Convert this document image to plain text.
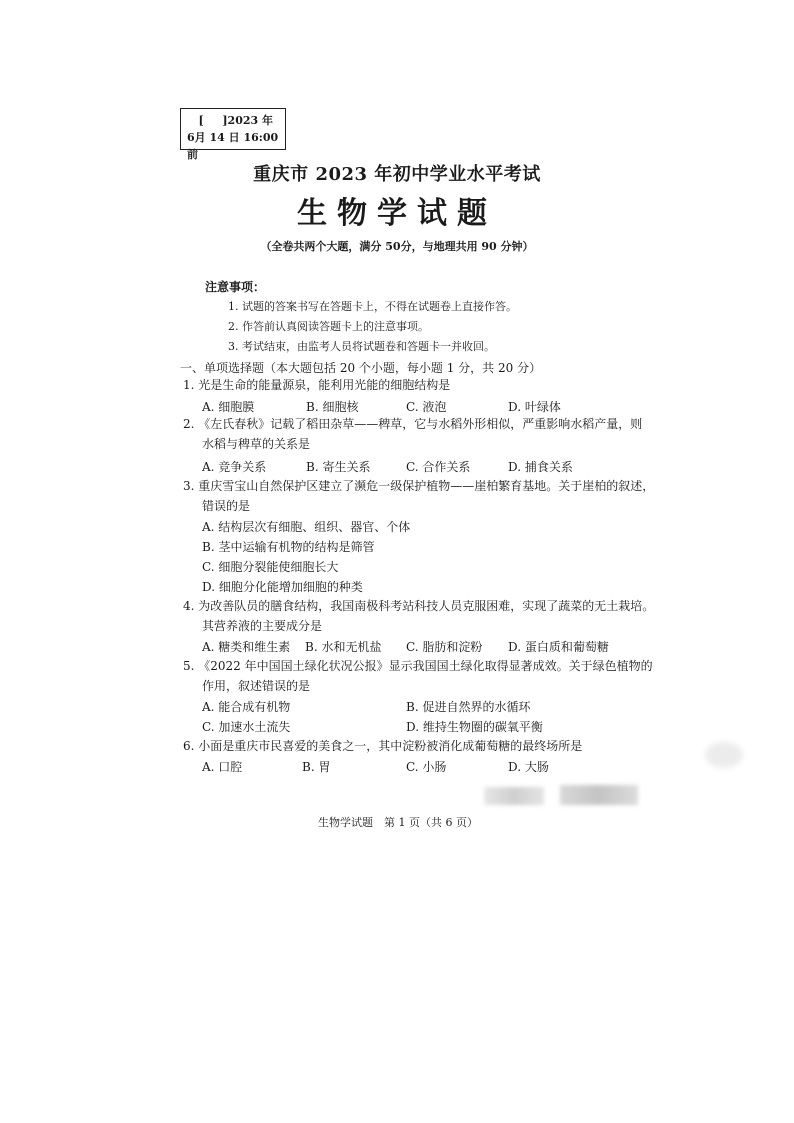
[ 　 ]2023 年
6月 14 日 16:00 前
重庆市 2023 年初中学业水平考试
生物学试题
（全卷共两个大题，满分 50分，与地理共用 90 分钟）
注意事项：
1. 试题的答案书写在答题卡上，不得在试题卷上直接作答。
2. 作答前认真阅读答题卡上的注意事项。
3. 考试结束，由监考人员将试题卷和答题卡一并收回。
一、单项选择题（本大题包括 20 个小题，每小题 1 分，共 20 分）
1. 光是生命的能量源泉，能利用光能的细胞结构是
A. 细胞膜	B. 细胞核	C. 液泡	D. 叶绿体
2. 《左氏春秋》记载了稻田杂草——稗草，它与水稻外形相似，严重影响水稻产量，则
水稻与稗草的关系是
A. 竞争关系	B. 寄生关系	C. 合作关系	D. 捕食关系
3. 重庆雪宝山自然保护区建立了濒危一级保护植物——崖柏繁育基地。关于崖柏的叙述，
错误的是
A. 结构层次有细胞、组织、器官、个体
B. 茎中运输有机物的结构是筛管
C. 细胞分裂能使细胞长大
D. 细胞分化能增加细胞的种类
4. 为改善队员的膳食结构，我国南极科考站科技人员克服困难，实现了蔬菜的无土栽培。
其营养液的主要成分是
A. 糖类和维生素 B. 水和无机盐 C. 脂肪和淀粉 D. 蛋白质和葡萄糖
5. 《2022 年中国国土绿化状况公报》显示我国国土绿化取得显著成效。关于绿色植物的
作用，叙述错误的是
A. 能合成有机物	B. 促进自然界的水循环
C. 加速水土流失	D. 维持生物圈的碳氧平衡
6. 小面是重庆市民喜爱的美食之一，其中淀粉被消化成葡萄糖的最终场所是
A. 口腔	B. 胃	C. 小肠	D. 大肠
生物学试题　第 1 页（共 6 页）
